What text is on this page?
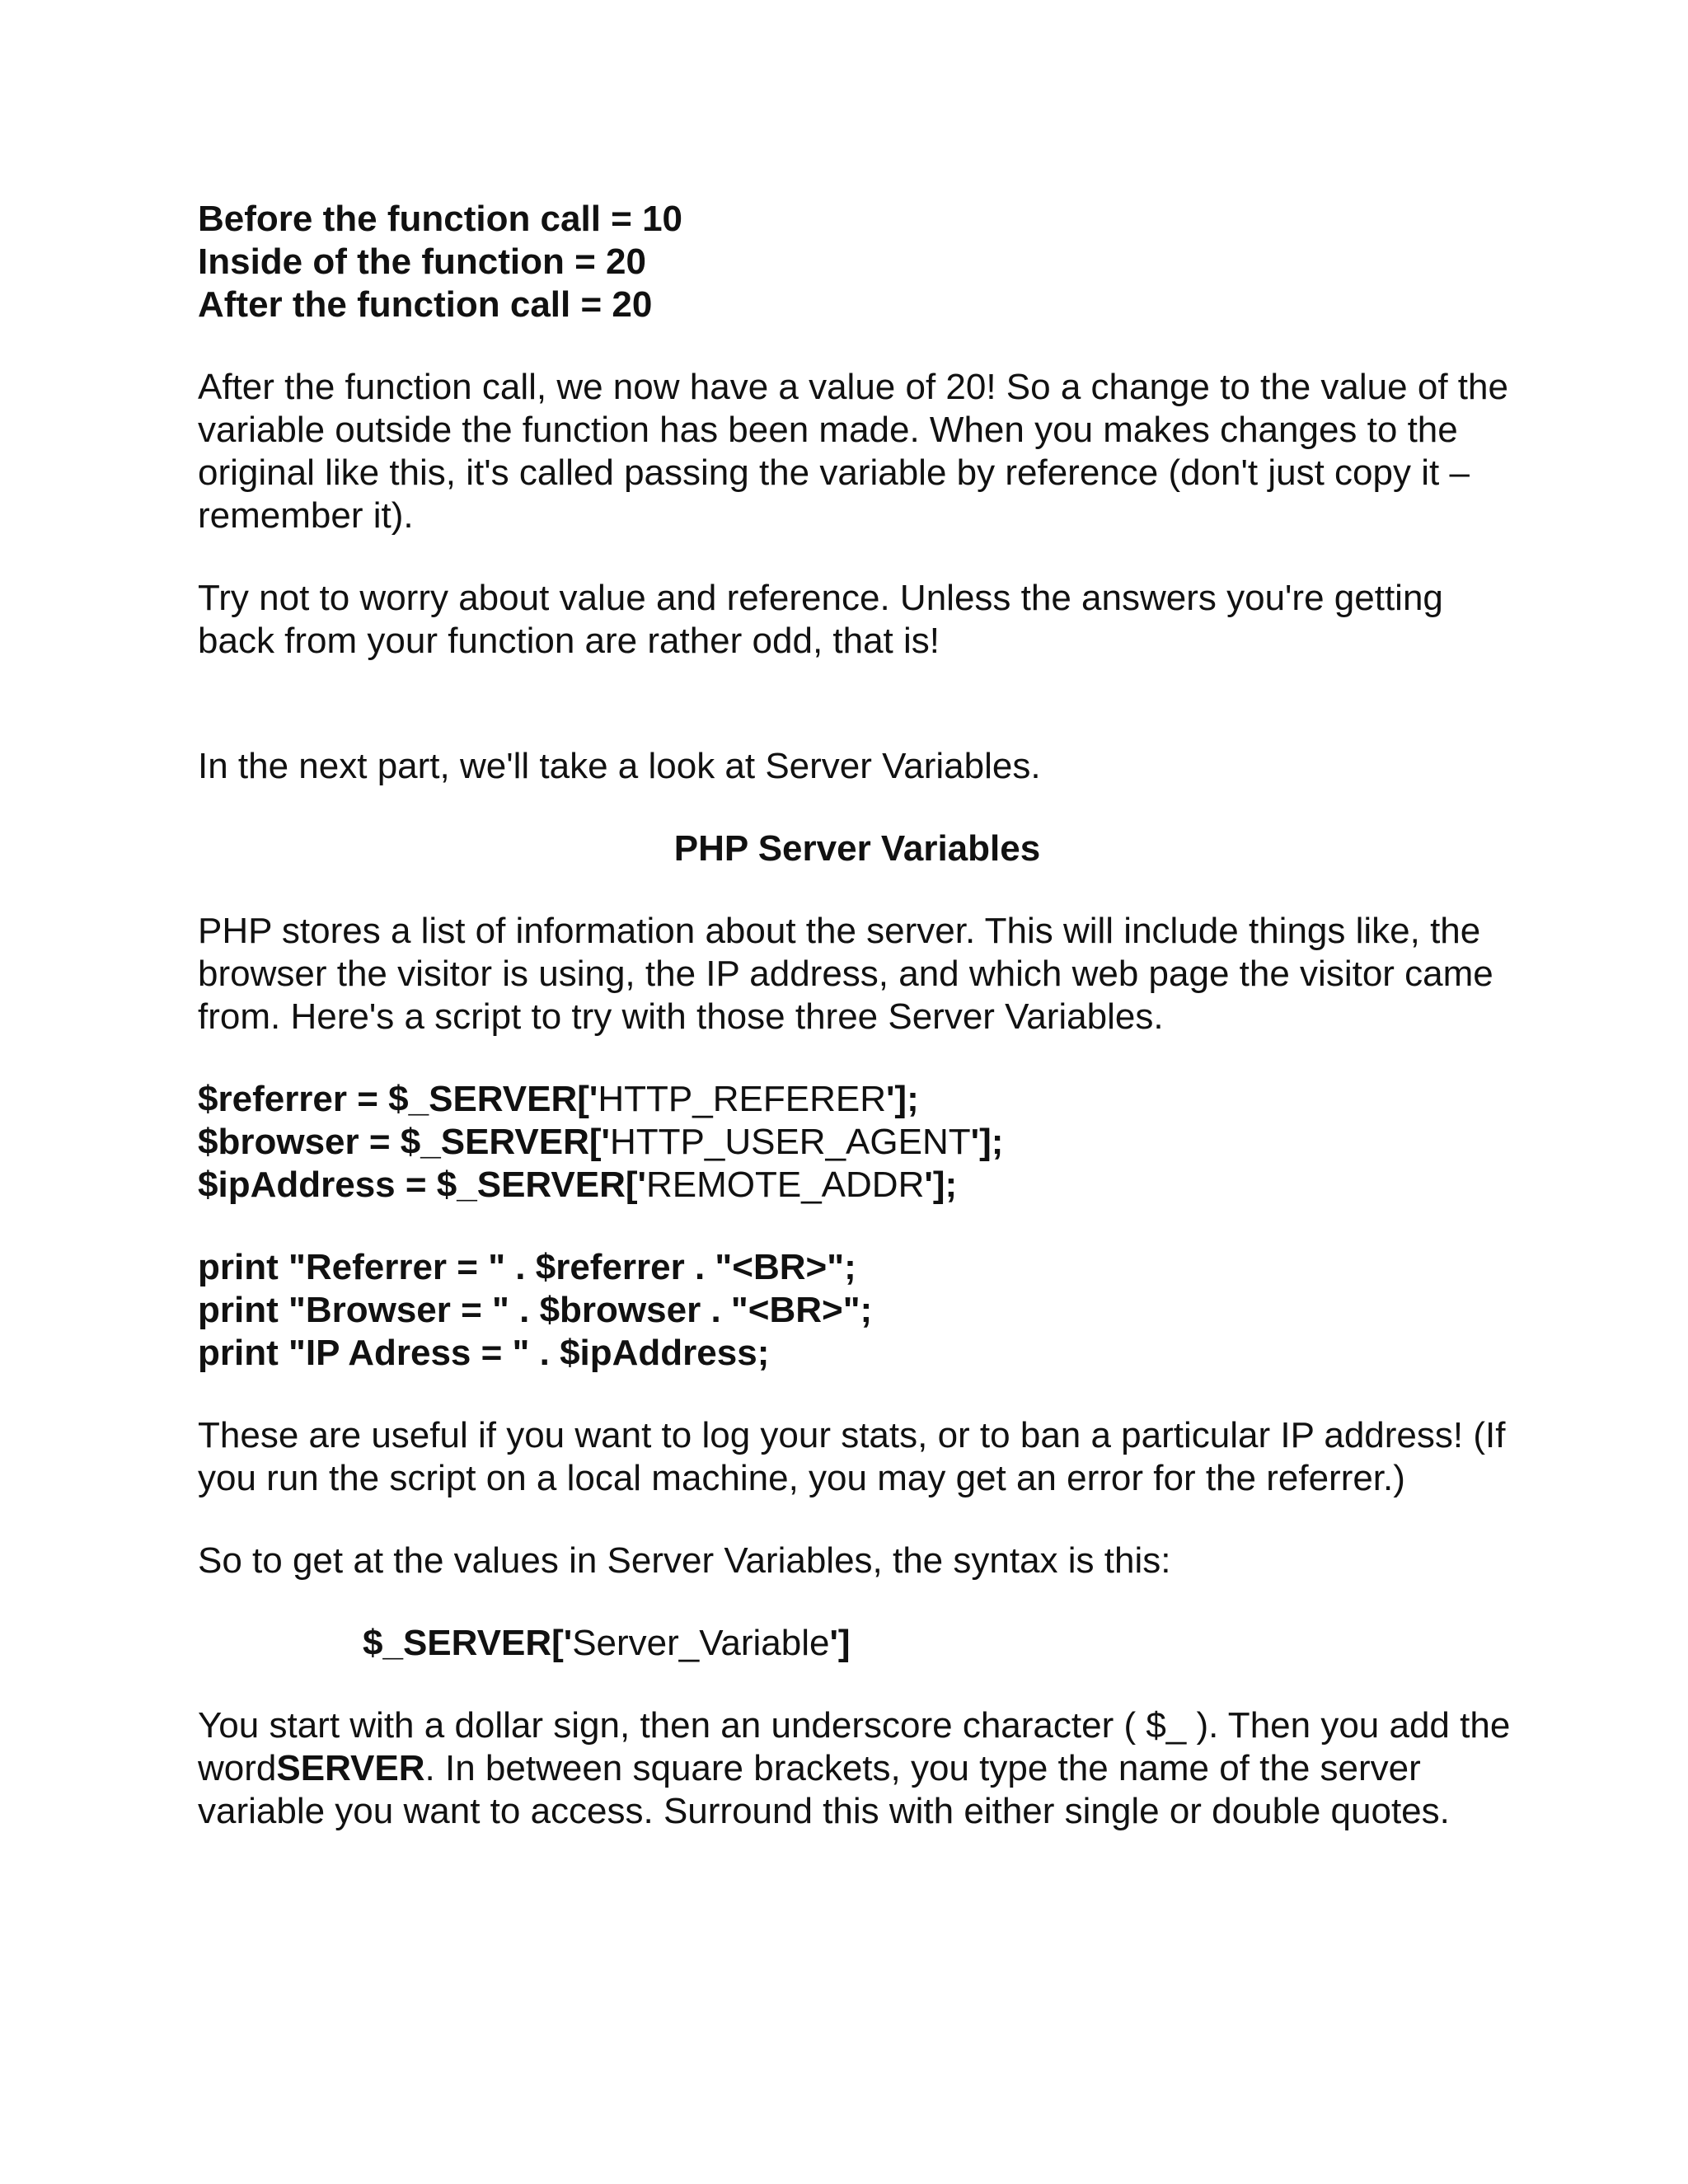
Before the function call = 10

Inside of the function = 20

After the function call = 20

After the function call, we now have a value of 20! So a change to the value of the variable outside the function has been made. When you makes changes to the original like this, it's called passing the variable by reference (don't just copy it – remember it).

Try not to worry about value and reference. Unless the answers you're getting back from your function are rather odd, that is!

In the next part, we'll take a look at Server Variables.

PHP Server Variables

PHP stores a list of information about the server. This will include things like, the browser the visitor is using, the IP address, and which web page the visitor came from. Here's a script to try with those three Server Variables.

$referrer = $_SERVER['HTTP_REFERER'];

$browser = $_SERVER['HTTP_USER_AGENT'];

$ipAddress = $_SERVER['REMOTE_ADDR'];

print "Referrer = " . $referrer . "<BR>";

print "Browser = " . $browser . "<BR>";

print "IP Adress = " . $ipAddress;

These are useful if you want to log your stats, or to ban a particular IP address! (If you run the script on a local machine, you may get an error for the referrer.)

So to get at the values in Server Variables, the syntax is this:

$_SERVER['Server_Variable']

You start with a dollar sign, then an underscore character ( $_ ). Then you add the wordSERVER. In between square brackets, you type the name of the server variable you want to access. Surround this with either single or double quotes.
